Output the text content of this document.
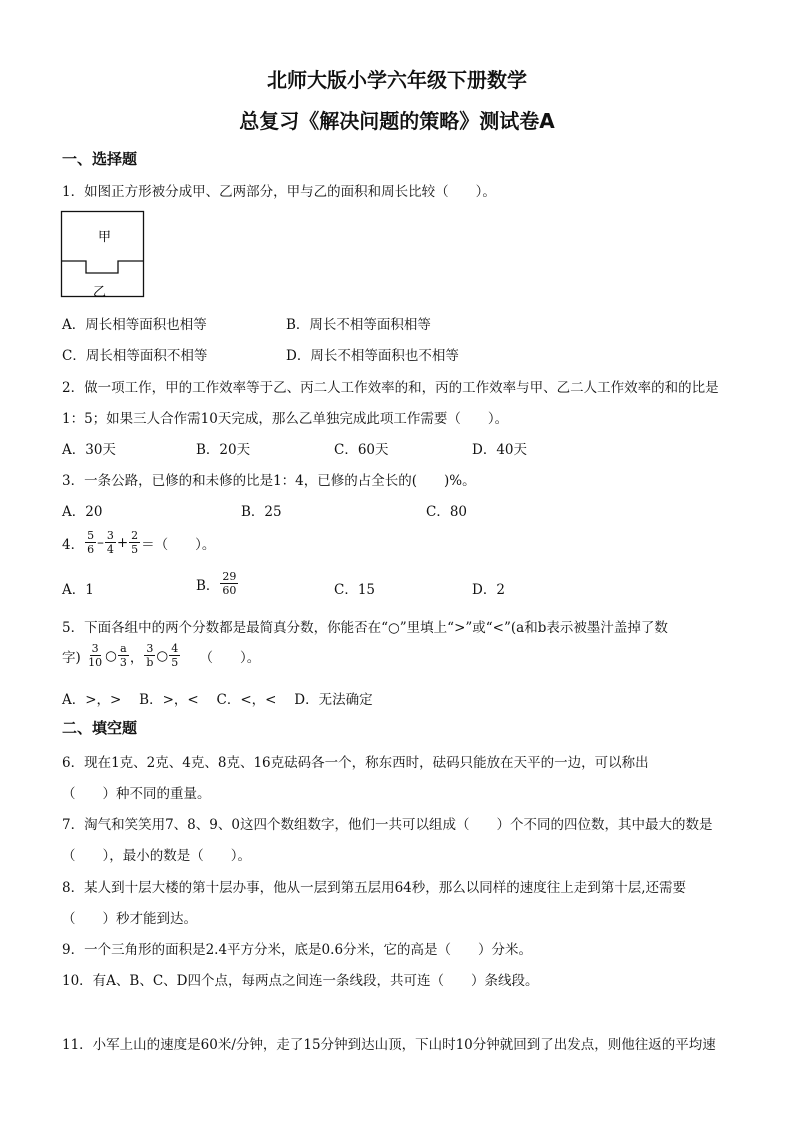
北师大版小学六年级下册数学
总复习《解决问题的策略》测试卷A
一、选择题
1．如图正方形被分成甲、乙两部分，甲与乙的面积和周长比较（　　）。
甲
乙
A．周长相等面积也相等	B．周长不相等面积相等
C．周长相等面积不相等	D．周长不相等面积也不相等
2．做一项工作，甲的工作效率等于乙、丙二人工作效率的和，丙的工作效率与甲、乙二人工作效率的和的比是
1：5；如果三人合作需10天完成，那么乙单独完成此项工作需要（　　）。
A．30天	B．20天	C．60天	D．40天
3．一条公路，已修的和未修的比是1：4，已修的占全长的(　　)%。
A．20	B．25	C．80
4． $\frac{5}{6} - \frac{3}{4} + \frac{2}{5}$ ＝（　　）。
A．1	B． $\frac{29}{60}$	C．15	D．2
5．下面各组中的两个分数都是最简真分数，你能否在“○”里填上“>”或“<”(a和b表示被墨汁盖掉了数
字) $\frac{3}{10}$ ○ $\frac{a}{3}$ ， $\frac{3}{b}$ ○ $\frac{4}{5}$ （　　）。
A．>，>　 B．>，<　 C．<，<　 D．无法确定
二、填空题
6．现在1克、2克、4克、8克、16克砝码各一个，称东西时，砝码只能放在天平的一边，可以称出
（　　）种不同的重量。
7．淘气和笑笑用7、8、9、0这四个数组数字，他们一共可以组成（　　）个不同的四位数，其中最大的数是
（　　），最小的数是（　　）。
8．某人到十层大楼的第十层办事，他从一层到第五层用64秒，那么以同样的速度往上走到第十层,还需要
（　　）秒才能到达。
9．一个三角形的面积是2.4平方分米，底是0.6分米，它的高是（　　）分米。
10．有A、B、C、D四个点，每两点之间连一条线段，共可连（　　）条线段。
11．小军上山的速度是60米/分钟，走了15分钟到达山顶，下山时10分钟就回到了出发点，则他往返的平均速
